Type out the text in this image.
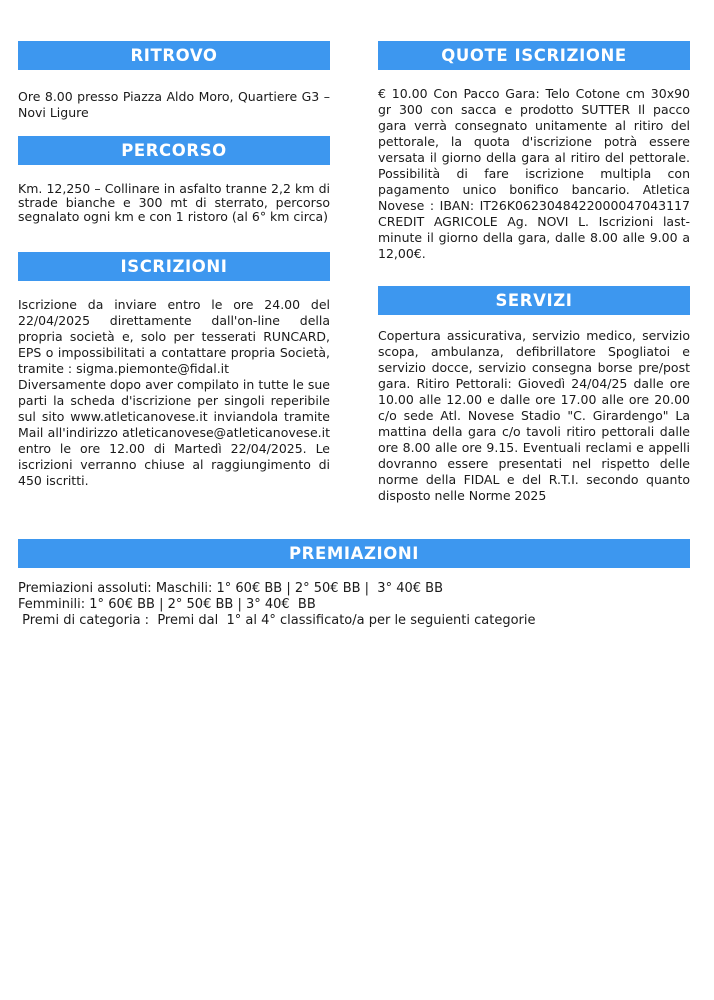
RITROVO

Ore 8.00 presso Piazza Aldo Moro, Quartiere G3 – Novi Ligure

PERCORSO

Km. 12,250 – Collinare in asfalto tranne 2,2 km di strade bianche e 300 mt di sterrato, percorso segnalato ogni km e con 1 ristoro (al 6° km circa)

ISCRIZIONI

Iscrizione da inviare entro le ore 24.00 del 22/04/2025 direttamente dall'on-line della propria società e, solo per tesserati RUNCARD, EPS o impossibilitati a contattare propria Società, tramite : sigma.piemonte@fidal.it
Diversamente dopo aver compilato in tutte le sue parti la scheda d'iscrizione per singoli reperibile sul sito www.atleticanovese.it inviandola tramite Mail all'indirizzo atleticanovese@atleticanovese.it entro le ore 12.00 di Martedì 22/04/2025. Le iscrizioni verranno chiuse al raggiungimento di 450 iscritti.

QUOTE ISCRIZIONE

€ 10.00 Con Pacco Gara: Telo Cotone cm 30x90 gr 300 con sacca e prodotto SUTTER Il pacco gara verrà consegnato unitamente al ritiro del pettorale, la quota d'iscrizione potrà essere versata il giorno della gara al ritiro del pettorale. Possibilità di fare iscrizione multipla con pagamento unico bonifico bancario. Atletica Novese : IBAN: IT26K0623048422000047043117 CREDIT AGRICOLE Ag. NOVI L. Iscrizioni last-minute il giorno della gara, dalle 8.00 alle 9.00 a 12,00€.

SERVIZI

Copertura assicurativa, servizio medico, servizio scopa, ambulanza, defibrillatore Spogliatoi e servizio docce, servizio consegna borse pre/post gara. Ritiro Pettorali: Giovedì 24/04/25 dalle ore 10.00 alle 12.00 e dalle ore 17.00 alle ore 20.00 c/o sede Atl. Novese Stadio "C. Girardengo" La mattina della gara c/o tavoli ritiro pettorali dalle ore 8.00 alle ore 9.15. Eventuali reclami e appelli dovranno essere presentati nel rispetto delle norme della FIDAL e del R.T.I. secondo quanto disposto nelle Norme 2025

PREMIAZIONI

Premiazioni assoluti: Maschili: 1° 60€ BB | 2° 50€ BB |  3° 40€ BB

Femminili: 1° 60€ BB | 2° 50€ BB | 3° 40€  BB

Premi di categoria :  Premi dal  1° al 4° classificato/a per le seguienti categorie
